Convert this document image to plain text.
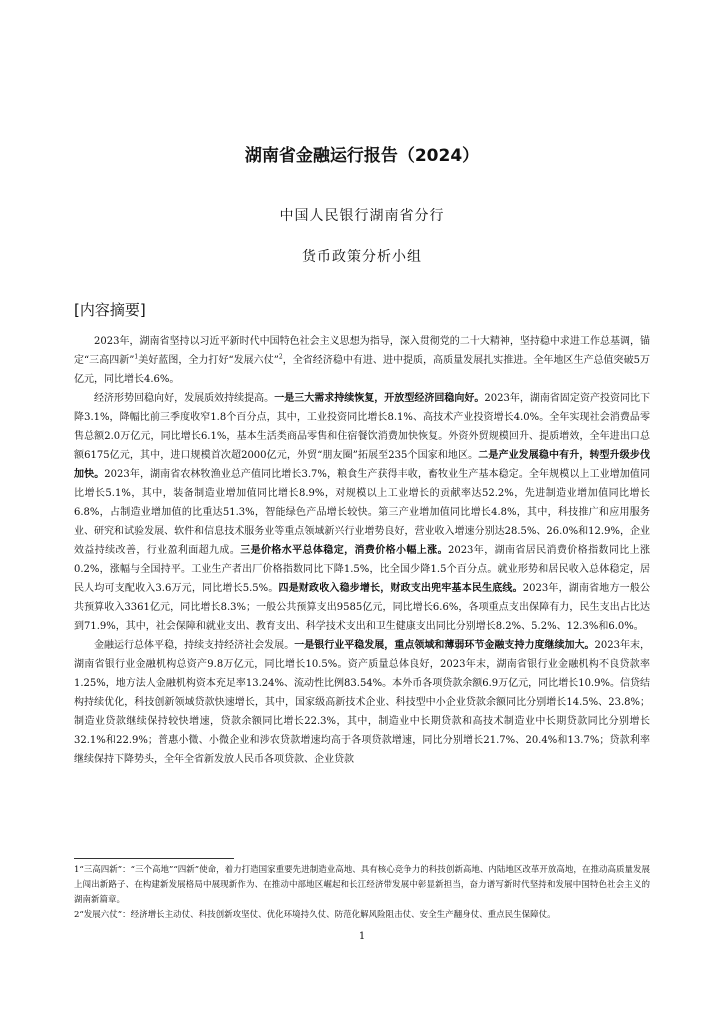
湖南省金融运行报告（2024）

中国人民银行湖南省分行

货币政策分析小组

[内容摘要]

2023年，湖南省坚持以习近平新时代中国特色社会主义思想为指导，深入贯彻党的二十大精神，坚持稳中求进工作总基调，锚定“三高四新”$^1$美好蓝图，全力打好“发展六仗”$^2$，全省经济稳中有进、进中提质，高质量发展扎实推进。全年地区生产总值突破5万亿元，同比增长4.6%。

经济形势回稳向好，发展质效持续提高。一是三大需求持续恢复，开放型经济回稳向好。2023年，湖南省固定资产投资同比下降3.1%，降幅比前三季度收窄1.8个百分点，其中，工业投资同比增长8.1%、高技术产业投资增长4.0%。全年实现社会消费品零售总额2.0万亿元，同比增长6.1%，基本生活类商品零售和住宿餐饮消费加快恢复。外资外贸规模回升、提质增效，全年进出口总额6175亿元，其中，进口规模首次超2000亿元，外贸“朋友圈”拓展至235个国家和地区。二是产业发展稳中有升，转型升级步伐加快。2023年，湖南省农林牧渔业总产值同比增长3.7%，粮食生产获得丰收，畜牧业生产基本稳定。全年规模以上工业增加值同比增长5.1%，其中，装备制造业增加值同比增长8.9%，对规模以上工业增长的贡献率达52.2%，先进制造业增加值同比增长6.8%，占制造业增加值的比重达51.3%，智能绿色产品增长较快。第三产业增加值同比增长4.8%，其中，科技推广和应用服务业、研究和试验发展、软件和信息技术服务业等重点领域新兴行业增势良好，营业收入增速分别达28.5%、26.0%和12.9%，企业效益持续改善，行业盈利面超九成。三是价格水平总体稳定，消费价格小幅上涨。2023年，湖南省居民消费价格指数同比上涨0.2%，涨幅与全国持平。工业生产者出厂价格指数同比下降1.5%，比全国少降1.5个百分点。就业形势和居民收入总体稳定，居民人均可支配收入3.6万元，同比增长5.5%。四是财政收入稳步增长，财政支出兜牢基本民生底线。2023年，湖南省地方一般公共预算收入3361亿元，同比增长8.3%；一般公共预算支出9585亿元，同比增长6.6%，各项重点支出保障有力，民生支出占比达到71.9%，其中，社会保障和就业支出、教育支出、科学技术支出和卫生健康支出同比分别增长8.2%、5.2%、12.3%和6.0%。

金融运行总体平稳，持续支持经济社会发展。一是银行业平稳发展，重点领域和薄弱环节金融支持力度继续加大。2023年末，湖南省银行业金融机构总资产9.8万亿元，同比增长10.5%。资产质量总体良好，2023年末，湖南省银行业金融机构不良贷款率1.25%，地方法人金融机构资本充足率13.24%、流动性比例83.54%。本外币各项贷款余额6.9万亿元，同比增长10.9%。信贷结构持续优化，科技创新领域贷款快速增长，其中，国家级高新技术企业、科技型中小企业贷款余额同比分别增长14.5%、23.8%；制造业贷款继续保持较快增速，贷款余额同比增长22.3%，其中，制造业中长期贷款和高技术制造业中长期贷款同比分别增长32.1%和22.9%；普惠小微、小微企业和涉农贷款增速均高于各项贷款增速，同比分别增长21.7%、20.4%和13.7%；贷款利率继续保持下降势头，全年全省新发放人民币各项贷款、企业贷款

1“三高四新”：“三个高地”“四新”使命，着力打造国家重要先进制造业高地、具有核心竞争力的科技创新高地、内陆地区改革开放高地，在推动高质量发展上闯出新路子、在构建新发展格局中展现新作为、在推动中部地区崛起和长江经济带发展中彰显新担当，奋力谱写新时代坚持和发展中国特色社会主义的湖南新篇章。

2“发展六仗”：经济增长主动仗、科技创新攻坚仗、优化环境持久仗、防范化解风险阻击仗、安全生产翻身仗、重点民生保障仗。

1
